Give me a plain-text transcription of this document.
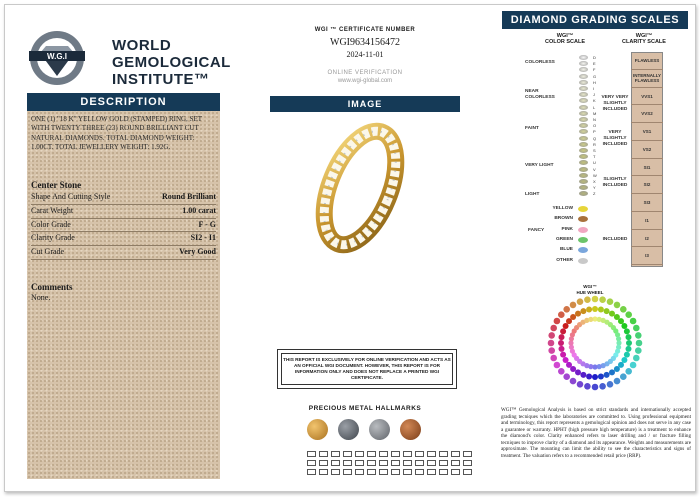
W.G.I
WORLD
GEMOLOGICAL
INSTITUTE™
DESCRIPTION
ONE (1) "18 K" YELLOW GOLD (STAMPED) RING, SET WITH TWENTY THREE (23) ROUND BRILLIANT CUT NATURAL DIAMONDS. TOTAL DIAMOND WEIGHT: 1.00CT. TOTAL JEWELLERY WEIGHT: 1.92G.
Center Stone
Shape And Cutting Style	Round Brilliant
Carat Weight	1.00 carat
Color Grade	F - G
Clarity Grade	SI2 - I1
Cut Grade	Very Good
Comments
None.
WGI ™ CERTIFICATE NUMBER
WGI9634156472
2024-11-01
ONLINE VERIFICATION
www.wgi-global.com
IMAGE
THIS REPORT IS EXCLUSIVELY FOR ONLINE VERIFICATION AND ACTS AS AN OFFICIAL WGI DOCUMENT. HOWEVER, THIS REPORT IS FOR INFORMATION ONLY AND DOES NOT REPLACE A PRINTED WGI CERTIFICATE.
PRECIOUS METAL HALLMARKS
DIAMOND GRADING SCALES
WGI™
COLOR SCALE
WGI™
CLARITY SCALE
WGI™
HUE WHEEL
WGI™ Gemological Analysis is based on strict standards and internationally accepted grading tecniques which the laboratories are committed to. Using professional equipment and terminology, this report represents a gemological opinion and does not serve in any case a guarantee or warranty. HPHT (high pressure high temperature) is a treatment to enhance the diamond's color. Clarity enhanced refers to laser drilling and / or fracture filling tecniques to improve clarity of a diamond and its appearance. Weights and measurements are approximate. The mounting can limit the ability to see the characteristics and signs of treatment. The valuation refers to a recommended retail price (RRP).
D
E
F
G
H
I
J
K
L
M
N
O
P
Q
R
S
T
U
V
W
X
Y
Z
COLORLESS
NEAR
COLORLESS
FAINT
VERY LIGHT
LIGHT
FANCY
YELLOW
BROWN
PINK
GREEN
BLUE
OTHER
FLAWLESS
INTERNALLY
FLAWLESS
VVS1
VVS2
VS1
VS2
SI1
SI2
SI3
I1
I2
I3
VERY VERY
SLIGHTLY
INCLUDED
VERY
SLIGHTLY
INCLUDED
SLIGHTLY
INCLUDED
INCLUDED
